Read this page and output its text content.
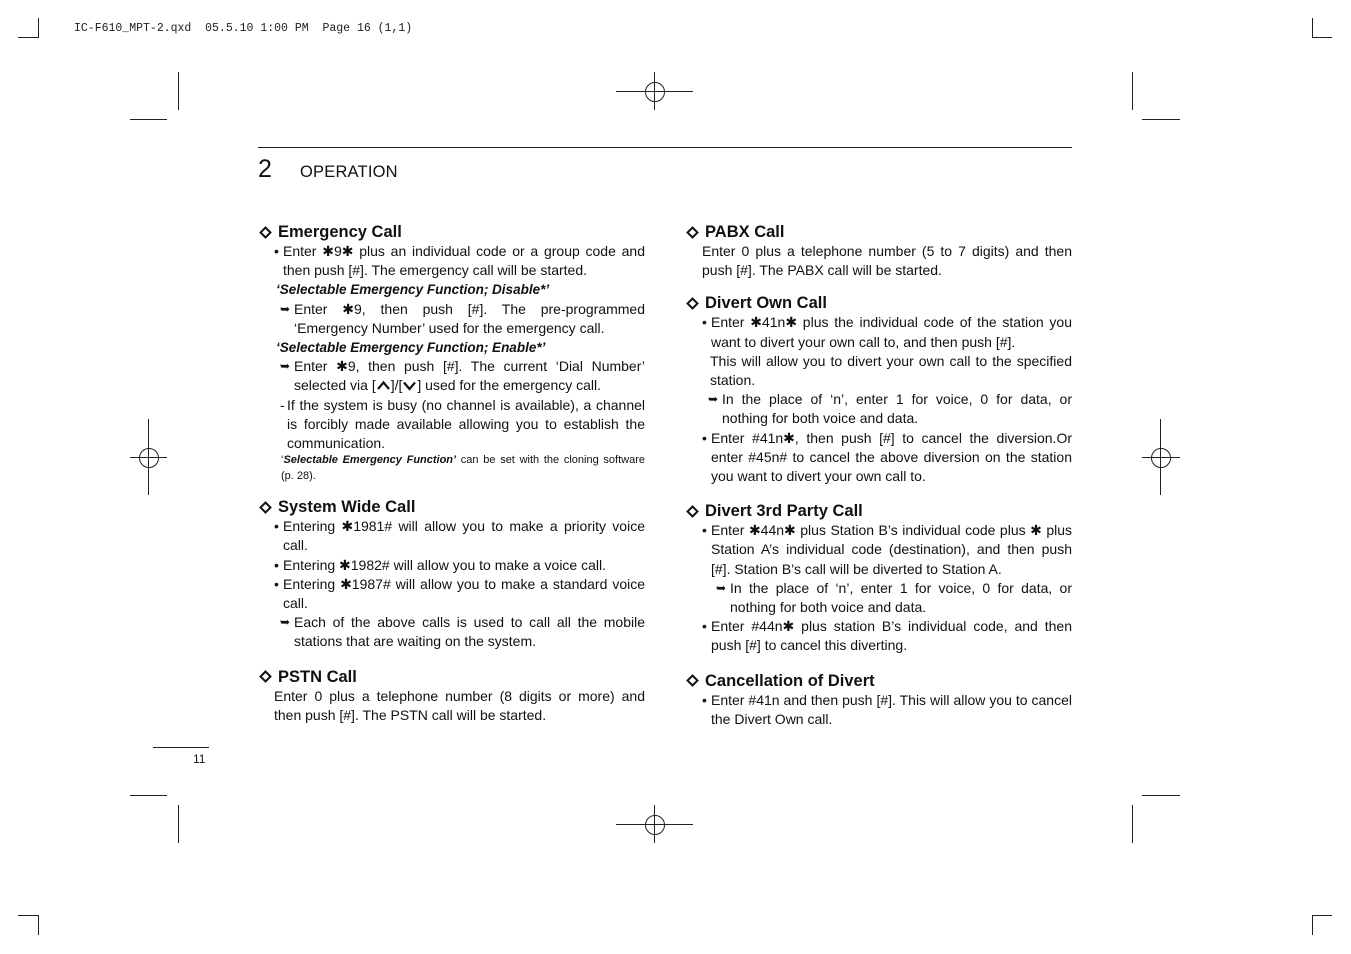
IC-F610_MPT-2.qxd  05.5.10 1:00 PM  Page 16 (1,1)
2 OPERATION
Emergency Call

• Enter ✱9✱ plus an individual code or a group code and then push [#]. The emergency call will be started.

‘Selectable Emergency Function; Disable*’

➥ Enter ✱9, then push [#]. The pre-programmed ‘Emergency Number’ used for the emergency call.

‘Selectable Emergency Function; Enable*’

➥ Enter ✱9, then push [#]. The current ‘Dial Number’ selected via [ ]/[ ] used for the emergency call.

- If the system is busy (no channel is available), a channel is forcibly made available allowing you to establish the communication.

‘Selectable Emergency Function’ can be set with the cloning software (p. 28).

System Wide Call

• Entering ✱1981# will allow you to make a priority voice call.

• Entering ✱1982# will allow you to make a voice call.

• Entering ✱1987# will allow you to make a standard voice call.

➥ Each of the above calls is used to call all the mobile stations that are waiting on the system.

PSTN Call

Enter 0 plus a telephone number (8 digits or more) and then push [#]. The PSTN call will be started.

PABX Call

Enter 0 plus a telephone number (5 to 7 digits) and then push [#]. The PABX call will be started.

Divert Own Call

• Enter ✱41n✱ plus the individual code of the station you want to divert your own call to, and then push [#].

This will allow you to divert your own call to the specified station.

➥ In the place of ‘n’, enter 1 for voice, 0 for data, or nothing for both voice and data.

• Enter #41n✱, then push [#] to cancel the diversion.Or enter #45n# to cancel the above diversion on the station you want to divert your own call to.

Divert 3rd Party Call

• Enter ✱44n✱ plus Station B’s individual code plus ✱ plus Station A’s individual code (destination), and then push [#]. Station B’s call will be diverted to Station A.

➥ In the place of ‘n’, enter 1 for voice, 0 for data, or nothing for both voice and data.

• Enter #44n✱ plus station B’s individual code, and then push [#] to cancel this diverting.

Cancellation of Divert

• Enter #41n and then push [#]. This will allow you to cancel the Divert Own call.

11
